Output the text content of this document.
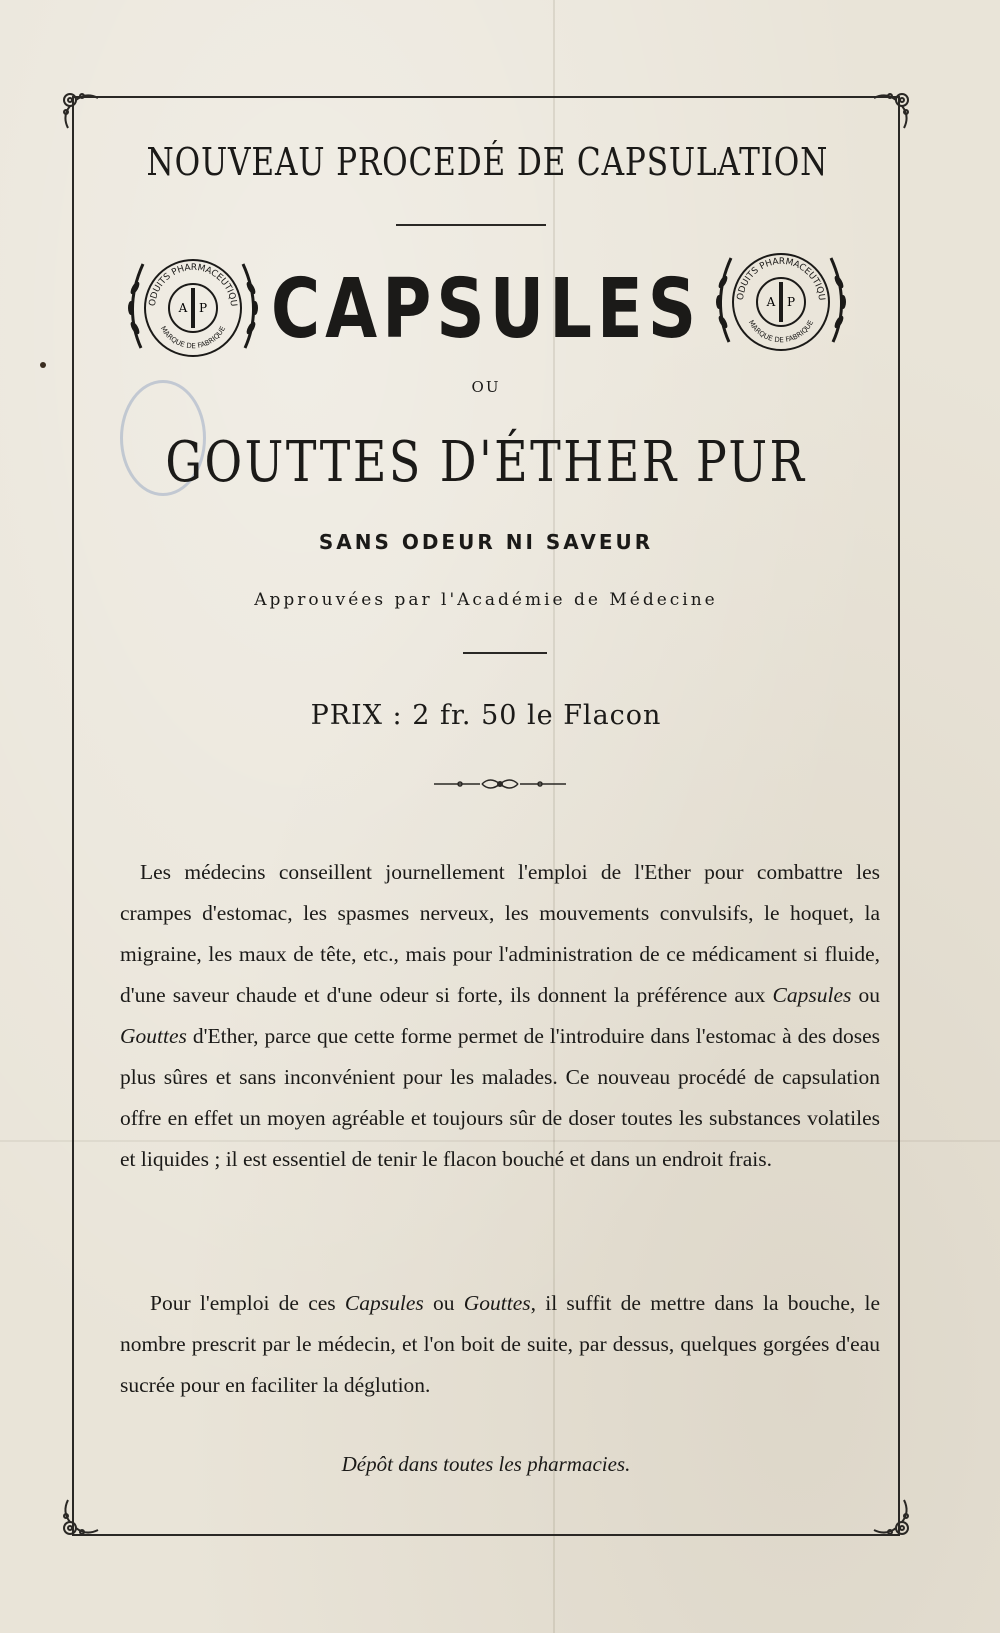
NOUVEAU PROCEDÉ DE CAPSULATION
ODUITS PHARMACEUTIQU
MARQUE DE FABRIQUE
A P
ODUITS PHARMACEUTIQU
MARQUE DE FABRIQUE
A P
CAPSULES
OU
GOUTTES D'ÉTHER PUR
SANS ODEUR NI SAVEUR
Approuvées par l'Académie de Médecine
PRIX : 2 fr. 50 le Flacon
Les médecins conseillent journellement l'emploi de l'Ether pour combattre les crampes d'estomac, les spasmes nerveux, les mouvements convulsifs, le hoquet, la migraine, les maux de tête, etc., mais pour l'administration de ce médicament si fluide, d'une saveur chaude et d'une odeur si forte, ils donnent la préférence aux Capsules ou Gouttes d'Ether, parce que cette forme permet de l'introduire dans l'estomac à des doses plus sûres et sans inconvénient pour les malades. Ce nouveau procédé de capsulation offre en effet un moyen agréable et toujours sûr de doser toutes les substances volatiles et liquides ; il est essentiel de tenir le flacon bouché et dans un endroit frais.
Pour l'emploi de ces Capsules ou Gouttes, il suffit de mettre dans la bouche, le nombre prescrit par le médecin, et l'on boit de suite, par dessus, quelques gorgées d'eau sucrée pour en faciliter la déglution.
Dépôt dans toutes les pharmacies.
